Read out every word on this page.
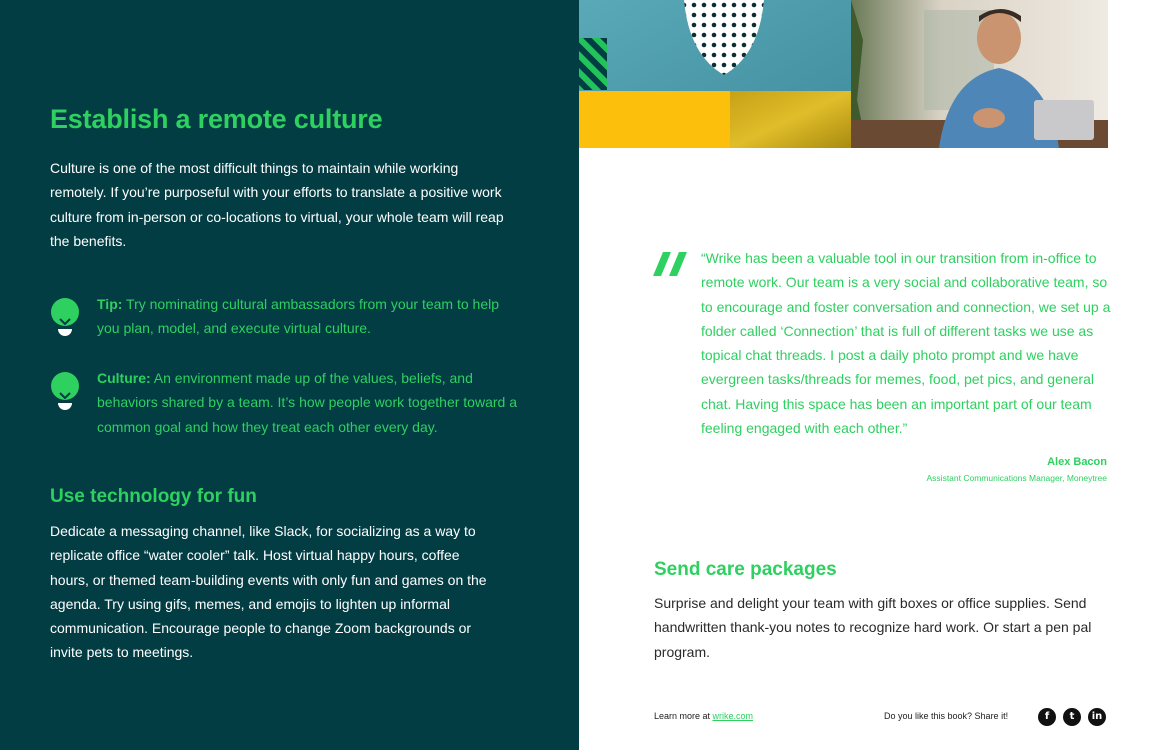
Establish a remote culture

Culture is one of the most difficult things to maintain while working remotely. If you’re purposeful with your efforts to translate a positive work culture from in-person or co-locations to virtual, your whole team will reap the benefits.

Tip: Try nominating cultural ambassadors from your team to help you plan, model, and execute virtual culture.

Culture: An environment made up of the values, beliefs, and behaviors shared by a team. It’s how people work together toward a common goal and how they treat each other every day.

Use technology for fun

Dedicate a messaging channel, like Slack, for socializing as a way to replicate office “water cooler” talk. Host virtual happy hours, coffee hours, or themed team-building events with only fun and games on the agenda. Try using gifs, memes, and emojis to lighten up informal communication. Encourage people to change Zoom backgrounds or invite pets to meetings.

“Wrike has been a valuable tool in our transition from in-office to remote work. Our team is a very social and collaborative team, so to encourage and foster conversation and connection, we set up a folder called ‘Connection’ that is full of different tasks we use as topical chat threads. I post a daily photo prompt and we have evergreen tasks/threads for memes, food, pet pics, and general chat. Having this space has been an important part of our team feeling engaged with each other.”

Alex Bacon
Assistant Communications Manager, Moneytree
Send care packages

Surprise and delight your team with gift boxes or office supplies. Send handwritten thank-you notes to recognize hard work. Or start a pen pal program.

Learn more at wrike.com	Do you like this book? Share it!	f	t	in
